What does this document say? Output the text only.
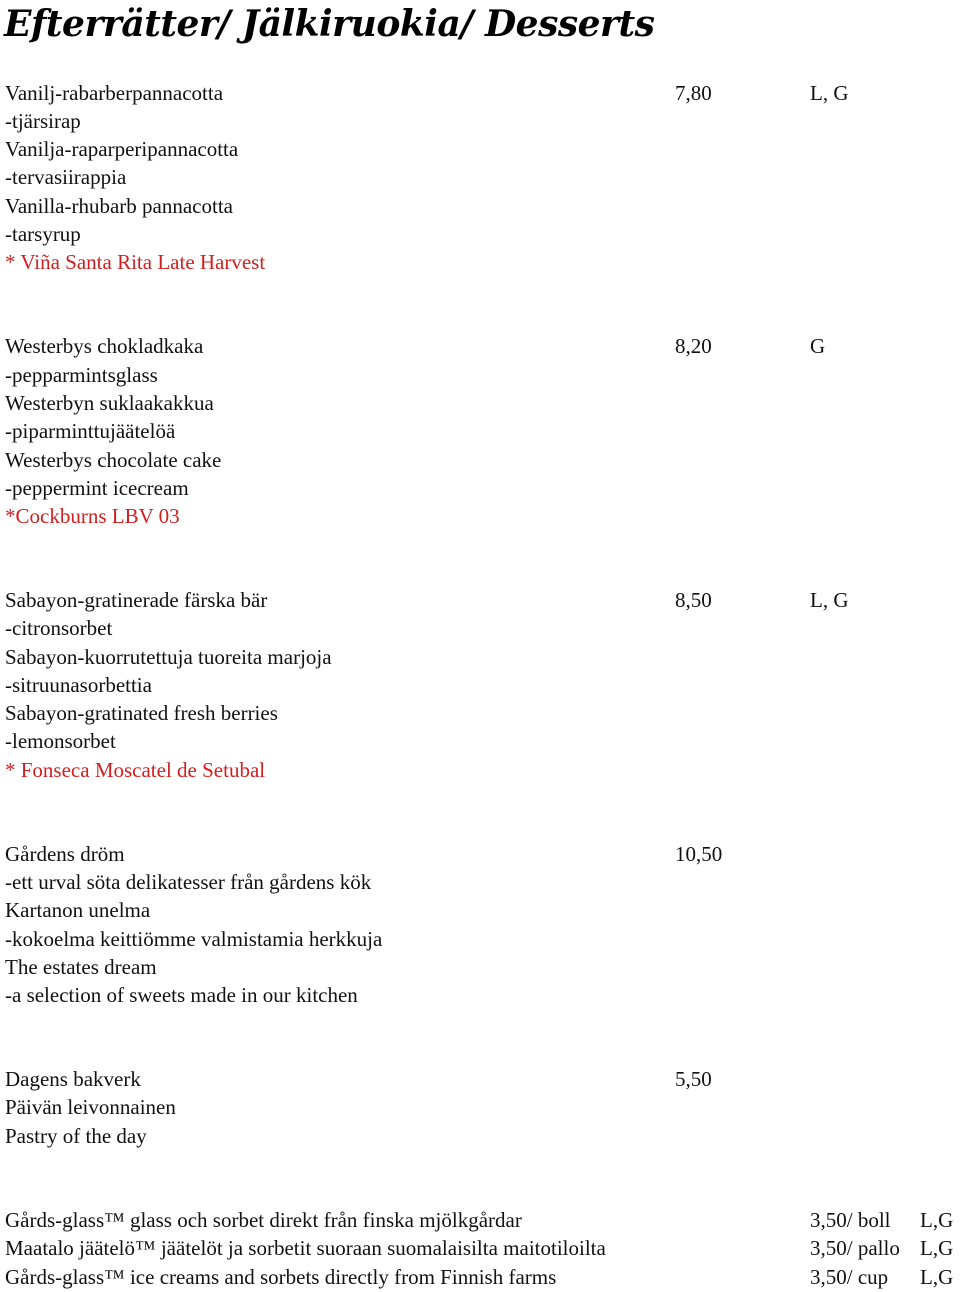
Efterrätter/ Jälkiruokia/ Desserts
Vanilj-rabarberpannacotta	7,80	L, G
-tjärsirap
Vanilja-raparperipannacotta
-tervasiirappia
Vanilla-rhubarb pannacotta
-tarsyrup
* Viña Santa Rita Late Harvest
Westerbys chokladkaka	8,20	G
-pepparmintsglass
Westerbyn suklaakakkua
-piparminttujäätelöä
Westerbys chocolate cake
-peppermint icecream
*Cockburns LBV 03
Sabayon-gratinerade färska bär	8,50	L, G
-citronsorbet
Sabayon-kuorrutettuja tuoreita marjoja
-sitruunasorbettia
Sabayon-gratinated fresh berries
-lemonsorbet
* Fonseca Moscatel de Setubal
Gårdens dröm	10,50
-ett urval söta delikatesser från gårdens kök
Kartanon unelma
-kokoelma keittiömme valmistamia herkkuja
The estates dream
-a selection of sweets made in our kitchen
Dagens bakverk	5,50
Päivän leivonnainen
Pastry of the day
Gårds-glass™ glass och sorbet direkt från finska mjölkgårdar	3,50/ boll L,G
Maatalo jäätelö™ jäätelöt ja sorbetit suoraan suomalaisilta maitotiloilta	3,50/ pallo L,G
Gårds-glass™ ice creams and sorbets directly from Finnish farms	3,50/ cup L,G
